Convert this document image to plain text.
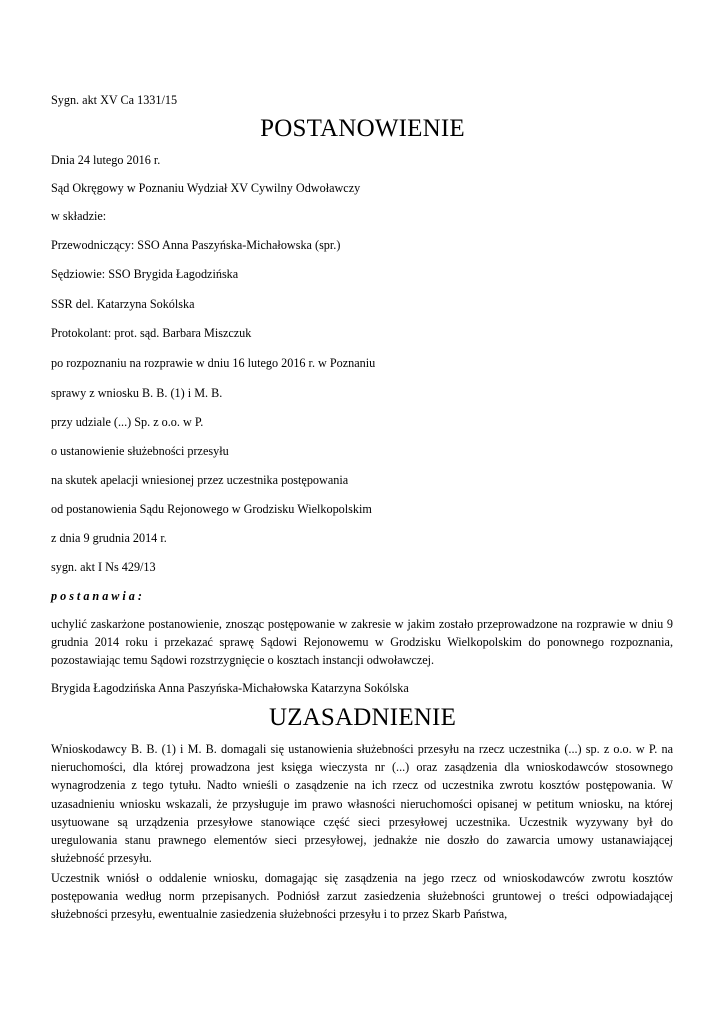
Sygn. akt XV Ca 1331/15
POSTANOWIENIE
Dnia 24 lutego 2016 r.
Sąd Okręgowy w Poznaniu Wydział XV Cywilny Odwoławczy
w składzie:
Przewodniczący: SSO Anna Paszyńska-Michałowska (spr.)
Sędziowie: SSO Brygida Łagodzińska
SSR del. Katarzyna Sokólska
Protokolant: prot. sąd. Barbara Miszczuk
po rozpoznaniu na rozprawie w dniu 16 lutego 2016 r. w Poznaniu
sprawy z wniosku B. B. (1) i M. B.
przy udziale (...) Sp. z o.o. w P.
o ustanowienie służebności przesyłu
na skutek apelacji wniesionej przez uczestnika postępowania
od postanowienia Sądu Rejonowego w Grodzisku Wielkopolskim
z dnia 9 grudnia 2014 r.
sygn. akt I Ns 429/13
postanawia:

uchylić zaskarżone postanowienie, znosząc postępowanie w zakresie w jakim zostało przeprowadzone na rozprawie w dniu 9 grudnia 2014 roku i przekazać sprawę Sądowi Rejonowemu w Grodzisku Wielkopolskim do ponownego rozpoznania, pozostawiając temu Sądowi rozstrzygnięcie o kosztach instancji odwoławczej.

Brygida Łagodzińska Anna Paszyńska-Michałowska Katarzyna Sokólska
UZASADNIENIE

Wnioskodawcy B. B. (1) i M. B. domagali się ustanowienia służebności przesyłu na rzecz uczestnika (...) sp. z o.o. w P. na nieruchomości, dla której prowadzona jest księga wieczysta nr (...) oraz zasądzenia dla wnioskodawców stosownego wynagrodzenia z tego tytułu. Nadto wnieśli o zasądzenie na ich rzecz od uczestnika zwrotu kosztów postępowania. W uzasadnieniu wniosku wskazali, że przysługuje im prawo własności nieruchomości opisanej w petitum wniosku, na której usytuowane są urządzenia przesyłowe stanowiące część sieci przesyłowej uczestnika. Uczestnik wyzywany był do uregulowania stanu prawnego elementów sieci przesyłowej, jednakże nie doszło do zawarcia umowy ustanawiającej służebność przesyłu.

Uczestnik wniósł o oddalenie wniosku, domagając się zasądzenia na jego rzecz od wnioskodawców zwrotu kosztów postępowania według norm przepisanych. Podniósł zarzut zasiedzenia służebności gruntowej o treści odpowiadającej służebności przesyłu, ewentualnie zasiedzenia służebności przesyłu i to przez Skarb Państwa,
